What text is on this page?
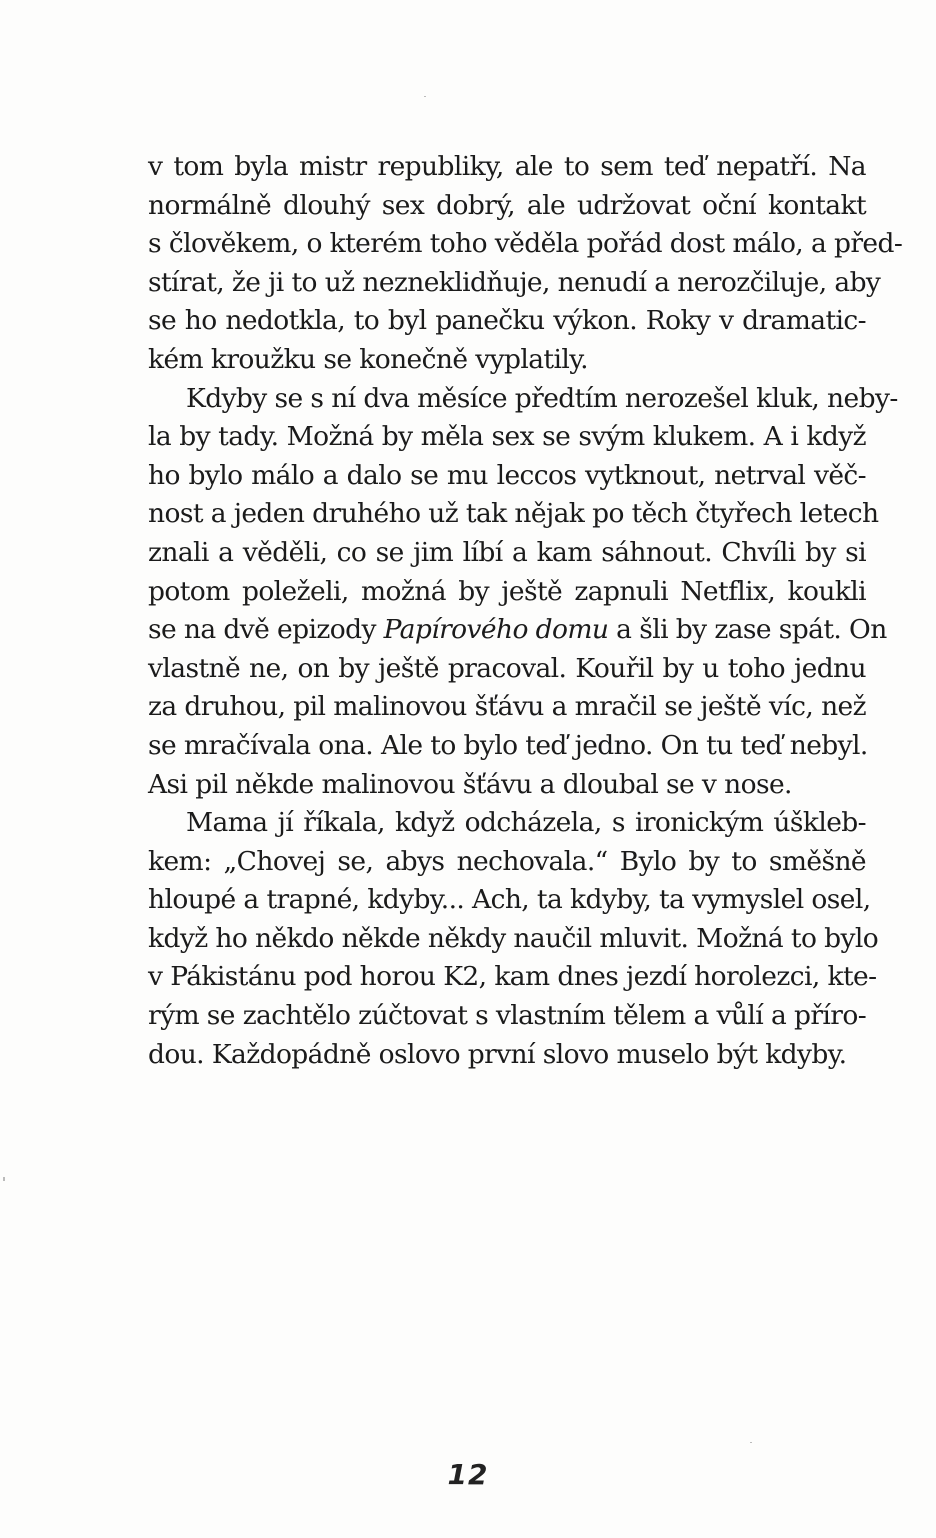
v tom byla mistr republiky, ale to sem teď nepatří. Na
normálně dlouhý sex dobrý, ale udržovat oční kontakt
s člověkem, o kterém toho věděla pořád dost málo, a před-
stírat, že ji to už nezneklidňuje, nenudí a nerozčiluje, aby
se ho nedotkla, to byl panečku výkon. Roky v dramatic-
kém kroužku se konečně vyplatily.
Kdyby se s ní dva měsíce předtím nerozešel kluk, neby-
la by tady. Možná by měla sex se svým klukem. A i když
ho bylo málo a dalo se mu leccos vytknout, netrval věč-
nost a jeden druhého už tak nějak po těch čtyřech letech
znali a věděli, co se jim líbí a kam sáhnout. Chvíli by si
potom poleželi, možná by ještě zapnuli Netflix, koukli
se na dvě epizody Papírového domu a šli by zase spát. On
vlastně ne, on by ještě pracoval. Kouřil by u toho jednu
za druhou, pil malinovou šťávu a mračil se ještě víc, než
se mračívala ona. Ale to bylo teď jedno. On tu teď nebyl.
Asi pil někde malinovou šťávu a dloubal se v nose.
Mama jí říkala, když odcházela, s ironickým úšklеb-
kem: „Chovej se, abys nechovala.“ Bylo by to směšně
hloupé a trapné, kdyby... Ach, ta kdyby, ta vymyslel osel,
když ho někdo někde někdy naučil mluvit. Možná to bylo
v Pákistánu pod horou K2, kam dnes jezdí horolezci, kte-
rým se zachtělo zúčtovat s vlastním tělem a vůlí a příro-
dou. Každopádně oslovo první slovo muselo být kdyby.
12
